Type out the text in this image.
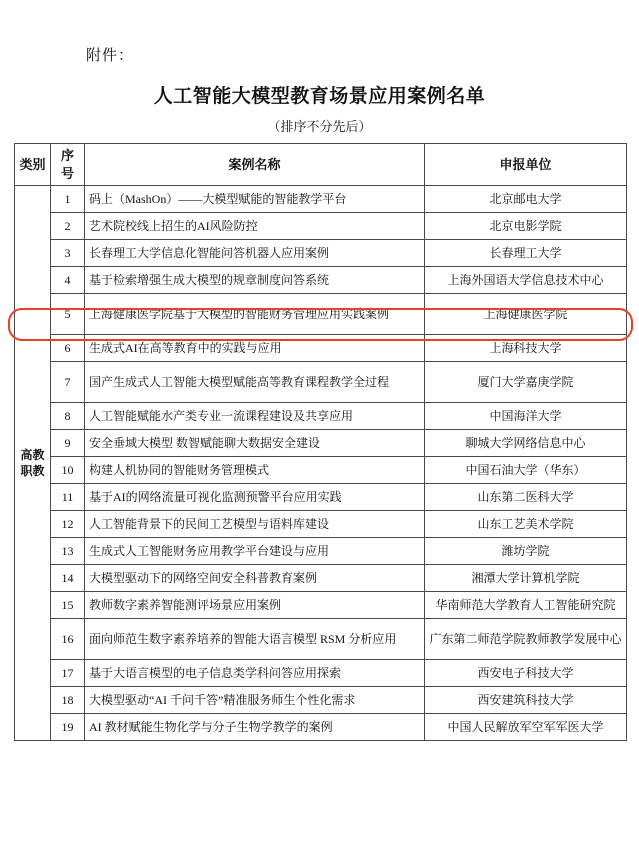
附件：
人工智能大模型教育场景应用案例名单
（排序不分先后）
类别	序号	案例名称	申报单位
高教
职教	1	码上（MashOn）——大模型赋能的智能教学平台	北京邮电大学
	2	艺术院校线上招生的AI风险防控	北京电影学院
	3	长春理工大学信息化智能问答机器人应用案例	长春理工大学
	4	基于检索增强生成大模型的规章制度问答系统	上海外国语大学信息技术中心
	5	上海健康医学院基于大模型的智能财务管理应用实践案例	上海健康医学院
	6	生成式AI在高等教育中的实践与应用	上海科技大学
	7	国产生成式人工智能大模型赋能高等教育课程教学全过程	厦门大学嘉庚学院
	8	人工智能赋能水产类专业一流课程建设及共享应用	中国海洋大学
	9	安全垂域大模型 数智赋能聊大数据安全建设	聊城大学网络信息中心
	10	构建人机协同的智能财务管理模式	中国石油大学（华东）
	11	基于AI的网络流量可视化监测预警平台应用实践	山东第二医科大学
	12	人工智能背景下的民间工艺模型与语料库建设	山东工艺美术学院
	13	生成式人工智能财务应用教学平台建设与应用	潍坊学院
	14	大模型驱动下的网络空间安全科普教育案例	湘潭大学计算机学院
	15	教师数字素养智能测评场景应用案例	华南师范大学教育人工智能研究院
	16	面向师范生数字素养培养的智能大语言模型 RSM 分析应用	广东第二师范学院教师教学发展中心
	17	基于大语言模型的电子信息类学科问答应用探索	西安电子科技大学
	18	大模型驱动“AI 千问千答”精准服务师生个性化需求	西安建筑科技大学
	19	AI 教材赋能生物化学与分子生物学教学的案例	中国人民解放军空军军医大学
